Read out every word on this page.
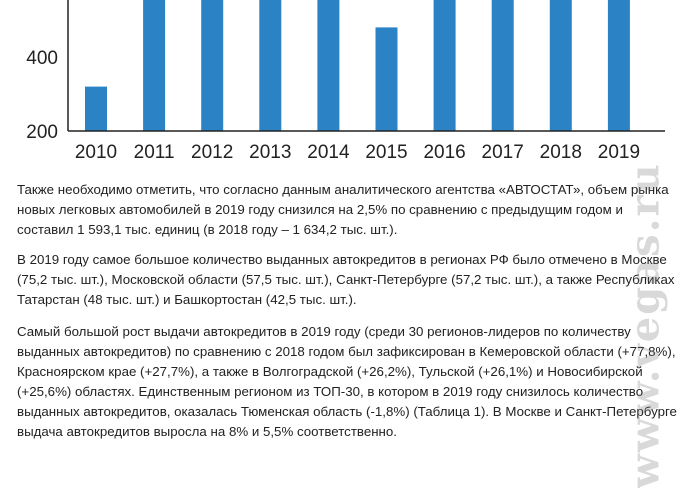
200
400
2010 2011 2012 2013 2014 2015 2016 2017 2018 2019
Также необходимо отметить, что согласно данным аналитического агентства «АВТОСТАТ», объем рынка новых легковых автомобилей в 2019 году снизился на 2,5% по сравнению с предыдущим годом и составил 1 593,1 тыс. единиц (в 2018 году – 1 634,2 тыс. шт.).
В 2019 году самое большое количество выданных автокредитов в регионах РФ было отмечено в Москве (75,2 тыс. шт.), Московской области (57,5 тыс. шт.), Санкт-Петербурге (57,2 тыс. шт.), а также Республиках Татарстан (48 тыс. шт.) и Башкортостан (42,5 тыс. шт.).
Самый большой рост выдачи автокредитов в 2019 году (среди 30 регионов-лидеров по количеству выданных автокредитов) по сравнению с 2018 годом был зафиксирован в Кемеровской области (+77,8%), Красноярском крае (+27,7%), а также в Волгоградской (+26,2%), Тульской (+26,1%) и Новосибирской (+25,6%) областях. Единственным регионом из ТОП-30, в котором в 2019 году снизилось количество выданных автокредитов, оказалась Тюменская область (-1,8%) (Таблица 1). В Москве и Санкт-Петербурге выдача автокредитов выросла на 8% и 5,5% соответственно.	www.vegas.ru
